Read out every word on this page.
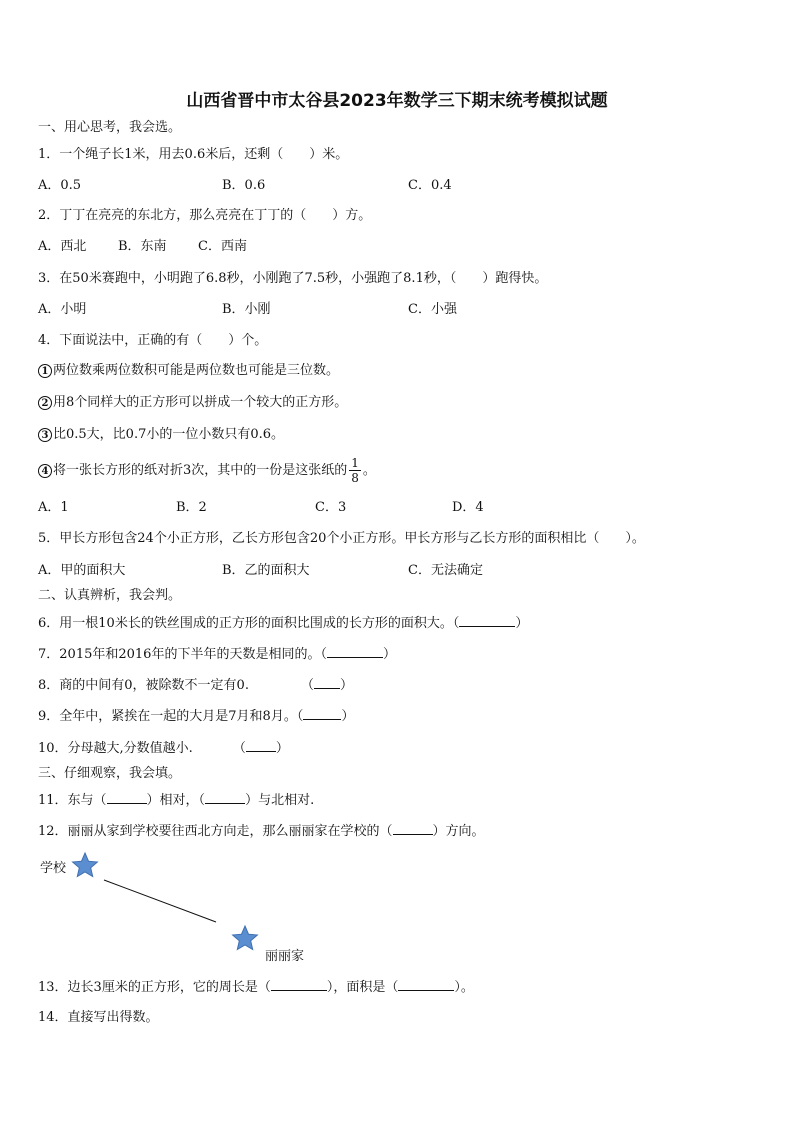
山西省晋中市太谷县2023年数学三下期末统考模拟试题
一、用心思考，我会选。
1．一个绳子长1米，用去0.6米后，还剩（　　）米。
A．0.5	B．0.6	C．0.4
2．丁丁在亮亮的东北方，那么亮亮在丁丁的（　　）方。
A．西北 B．东南 C．西南
3．在50米赛跑中，小明跑了6.8秒，小刚跑了7.5秒，小强跑了8.1秒，（　　）跑得快。
A．小明	B．小刚	C．小强
4．下面说法中，正确的有（　　）个。
1 两位数乘两位数积可能是两位数也可能是三位数。
2 用8个同样大的正方形可以拼成一个较大的正方形。
3 比0.5大，比0.7小的一位小数只有0.6。
4 将一张长方形的纸对折3次，其中的一份是这张纸的 $\frac{1}{8}$ 。
A．1	B．2	C．3	D．4
5．甲长方形包含24个小正方形，乙长方形包含20个小正方形。甲长方形与乙长方形的面积相比（　　）。
A．甲的面积大	B．乙的面积大	C．无法确定
二、认真辨析，我会判。
6．用一根10米长的铁丝围成的正方形的面积比围成的长方形的面积大。（	）
7．2015年和2016年的下半年的天数是相同的。（	）
8．商的中间有0，被除数不一定有0.	（ ）
9．全年中，紧挨在一起的大月是7月和8月。（	）
10．分母越大,分数值越小.	（ ）
三、仔细观察，我会填。
11．东与（	）相对，（	）与北相对.
12．丽丽从家到学校要往西北方向走，那么丽丽家在学校的（	）方向。
学校
丽丽家
13．边长3厘米的正方形，它的周长是（	），面积是（	）。
14．直接写出得数。
